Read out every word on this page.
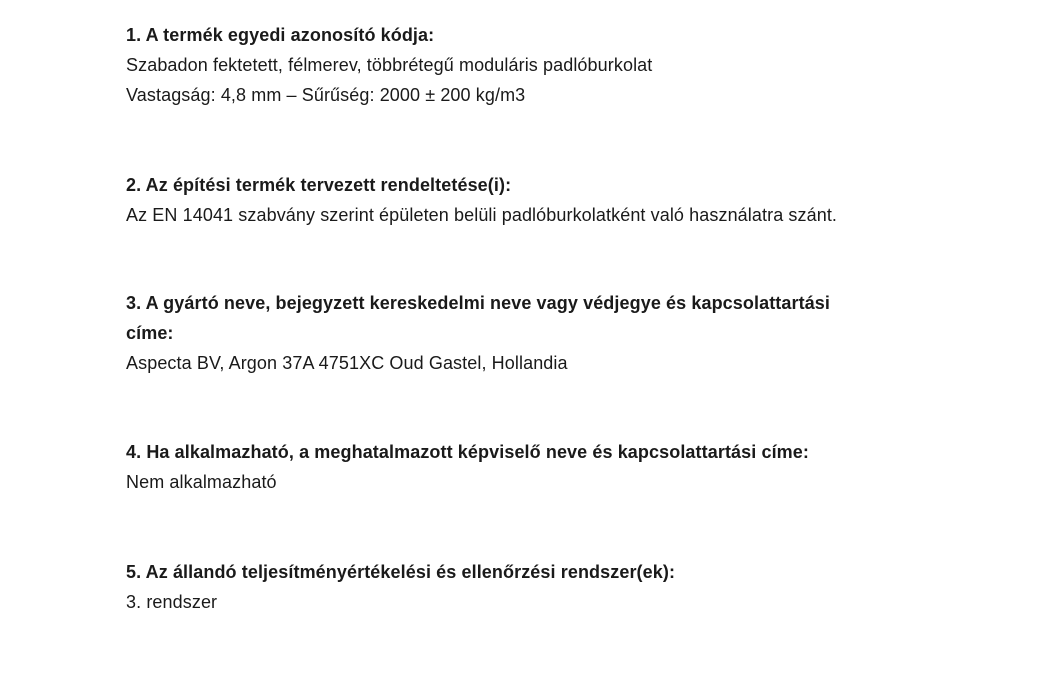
1. A termék egyedi azonosító kódja:
Szabadon fektetett, félmerev, többrétegű moduláris padlóburkolat
Vastagság: 4,8 mm – Sűrűség: 2000 ± 200 kg/m3
2. Az építési termék tervezett rendeltetése(i):
Az EN 14041 szabvány szerint épületen belüli padlóburkolatként való használatra szánt.
3. A gyártó neve, bejegyzett kereskedelmi neve vagy védjegye és kapcsolattartási
címe:
Aspecta BV, Argon 37A 4751XC Oud Gastel, Hollandia
4. Ha alkalmazható, a meghatalmazott képviselő neve és kapcsolattartási címe:
Nem alkalmazható
5. Az állandó teljesítményértékelési és ellenőrzési rendszer(ek):
3. rendszer
